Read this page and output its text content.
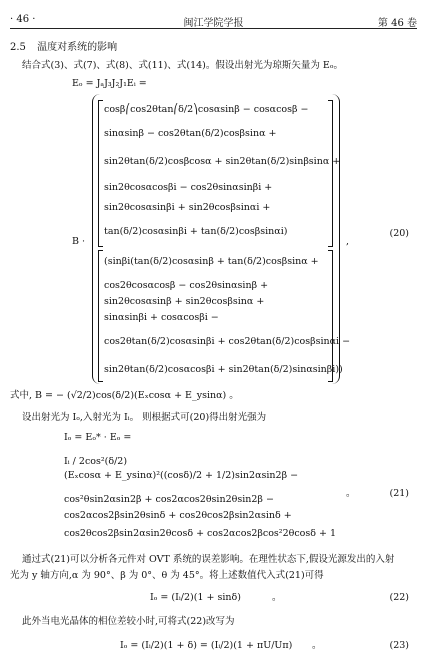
· 46 ·	闽江学院学报	第 46 卷
2.5 温度对系统的影响
结合式(3)、式(7)、式(8)、式(11)、式(14)。假设出射光为琼斯矢量为 Eₒ。
Eₒ = JₐJ₃J₂J₁Eᵢ =
B ·
cosβ⎛cos2θtan⎛δ/2⎞cosαsinβ − cosαcosβ −
sinαsinβ − cos2θtan(δ/2)cosβsinα +
sin2θtan(δ/2)cosβcosα + sin2θtan(δ/2)sinβsinα +
sin2θcosαcosβi − cos2θsinαsinβi +
sin2θcosαsinβi + sin2θcosβsinαi +
tan(δ/2)cosαsinβi + tan(δ/2)cosβsinαi)
(sinβi(tan(δ/2)cosαsinβ + tan(δ/2)cosβsinα +
cos2θcosαcosβ − cos2θsinαsinβ +
sin2θcosαsinβ + sin2θcosβsinα +
sinαsinβi + cosαcosβi −
cos2θtan(δ/2)cosαsinβi + cos2θtan(δ/2)cosβsinαi −
sin2θtan(δ/2)cosαcosβi + sin2θtan(δ/2)sinαsinβi))
,
(20)
式中, B = − (√2/2)cos(δ/2)(Eₓcosα + E_ysinα) 。
设出射光为 Iₒ,入射光为 Iᵢ。 则根据式可(20)得出射光强为
Iₒ = Eₒ* · Eₒ =
Iᵢ / 2cos²(δ/2)
(Eₓcosα + E_ysinα)²((cosδ)/2 + 1/2)sin2αsin2β −
cos²θsin2αsin2β + cos2αcos2θsin2θsin2β −
cos2αcos2βsin2θsinδ + cos2θcos2βsin2αsinδ +
cos2θcos2βsin2αsin2θcosδ + cos2αcos2βcos²2θcosδ + 1
。	(21)
通过式(21)可以分析各元件对 OVT 系统的误差影响。在理性状态下,假设光源发出的入射
光为 y 轴方向,α 为 90°、β 为 0°、θ 为 45°。将上述数值代入式(21)可得
Iₒ = (Iᵢ/2)(1 + sinδ)	。	(22)
此外当电光晶体的相位差较小时,可将式(22)改写为
Iₒ = (Iᵢ/2)(1 + δ) = (Iᵢ/2)(1 + πU/Uπ) 。	(23)
